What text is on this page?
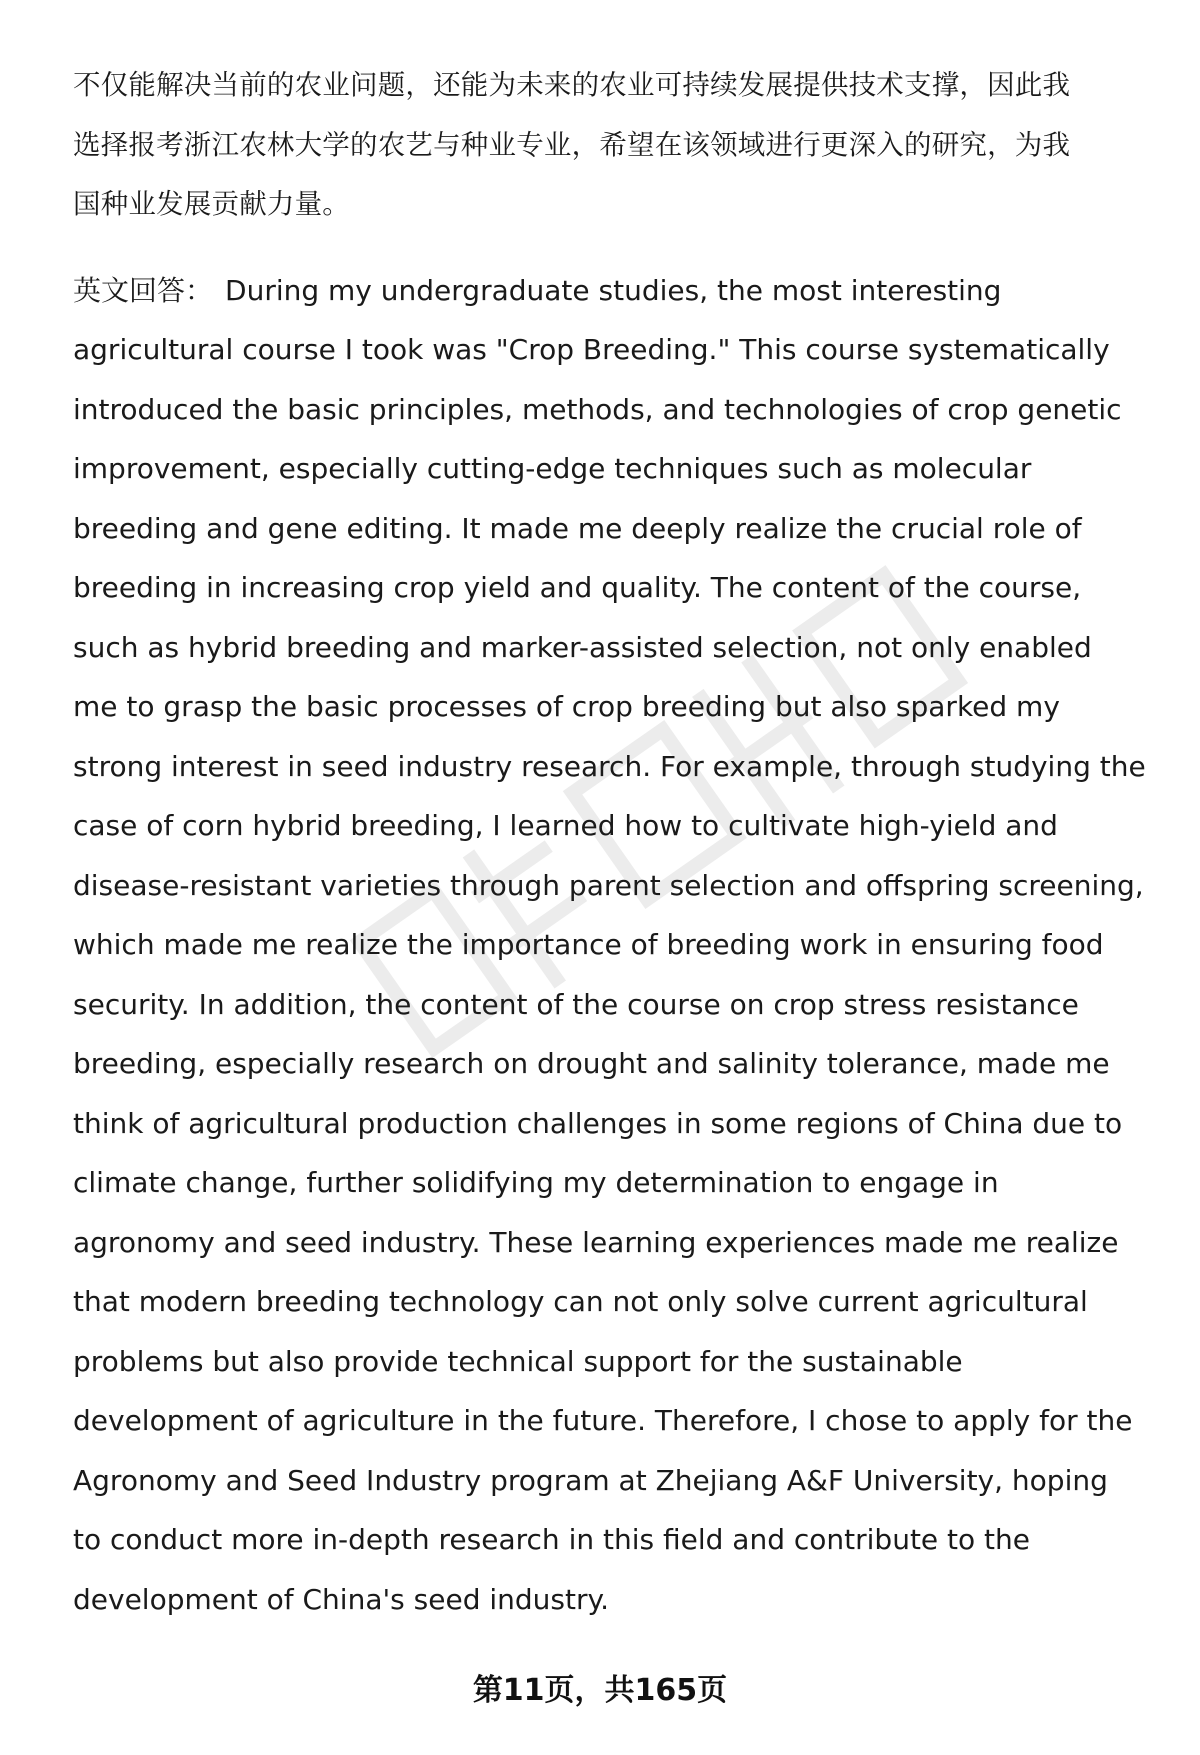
不仅能解决当前的农业问题，还能为未来的农业可持续发展提供技术支撑，因此我
选择报考浙江农林大学的农艺与种业专业，希望在该领域进行更深入的研究，为我
国种业发展贡献力量。

英文回答： During my undergraduate studies, the most interesting
agricultural course I took was "Crop Breeding." This course systematically
introduced the basic principles, methods, and technologies of crop genetic
improvement, especially cutting-edge techniques such as molecular
breeding and gene editing. It made me deeply realize the crucial role of
breeding in increasing crop yield and quality. The content of the course,
such as hybrid breeding and marker-assisted selection, not only enabled
me to grasp the basic processes of crop breeding but also sparked my
strong interest in seed industry research. For example, through studying the
case of corn hybrid breeding, I learned how to cultivate high-yield and
disease-resistant varieties through parent selection and offspring screening,
which made me realize the importance of breeding work in ensuring food
security. In addition, the content of the course on crop stress resistance
breeding, especially research on drought and salinity tolerance, made me
think of agricultural production challenges in some regions of China due to
climate change, further solidifying my determination to engage in
agronomy and seed industry. These learning experiences made me realize
that modern breeding technology can not only solve current agricultural
problems but also provide technical support for the sustainable
development of agriculture in the future. Therefore, I chose to apply for the
Agronomy and Seed Industry program at Zhejiang A&F University, hoping
to conduct more in-depth research in this field and contribute to the
development of China's seed industry.

第11页，共165页
